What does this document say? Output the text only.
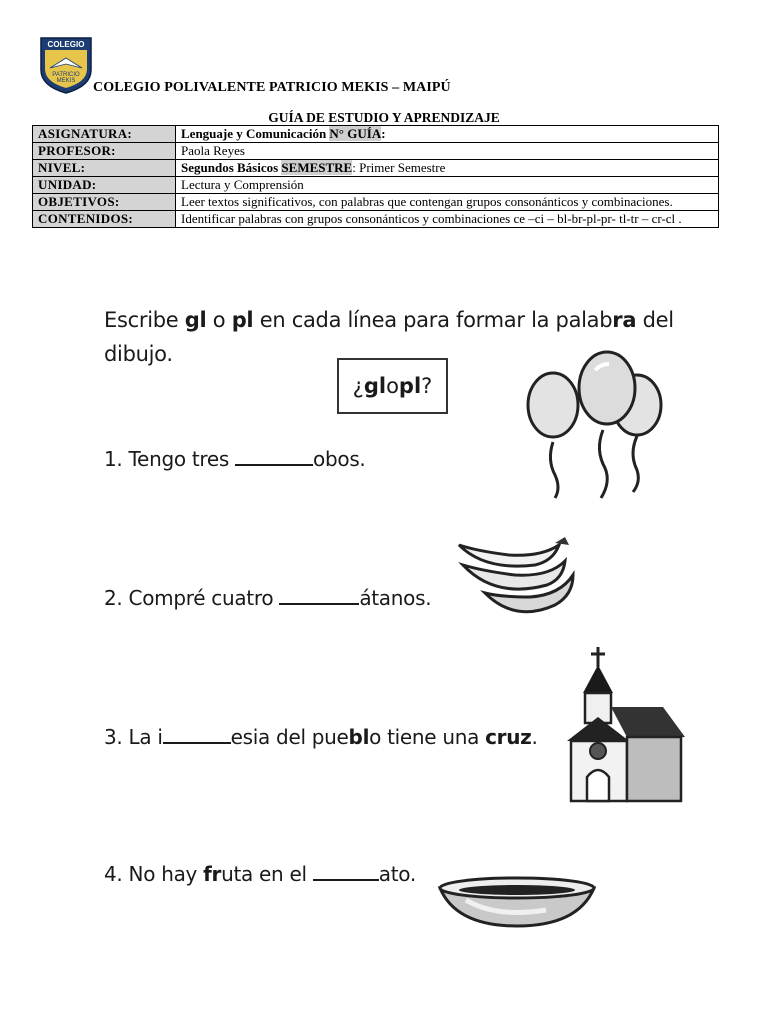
COLEGIO
PATRICIO
MEKIS COLEGIO POLIVALENTE PATRICIO MEKIS – MAIPÚ
GUÍA DE ESTUDIO Y APRENDIZAJE
ASIGNATURA:	Lenguaje y Comunicación N° GUÍA:
PROFESOR:	Paola Reyes
NIVEL:	Segundos Básicos SEMESTRE: Primer Semestre
UNIDAD:	Lectura y Comprensión
OBJETIVOS:	Leer textos significativos, con palabras que contengan grupos consonánticos y combinaciones.
CONTENIDOS:	Identificar palabras con grupos consonánticos y combinaciones ce –ci – bl-br-pl-pr- tl-tr – cr-cl .
Escribe gl o pl en cada línea para formar la palabra del dibujo.
¿ gl o pl ?
1. Tengo tres	obos.
2. Compré cuatro	átanos.
3. La i	esia del pueblo tiene una cruz.
4. No hay fruta en el	ato.
